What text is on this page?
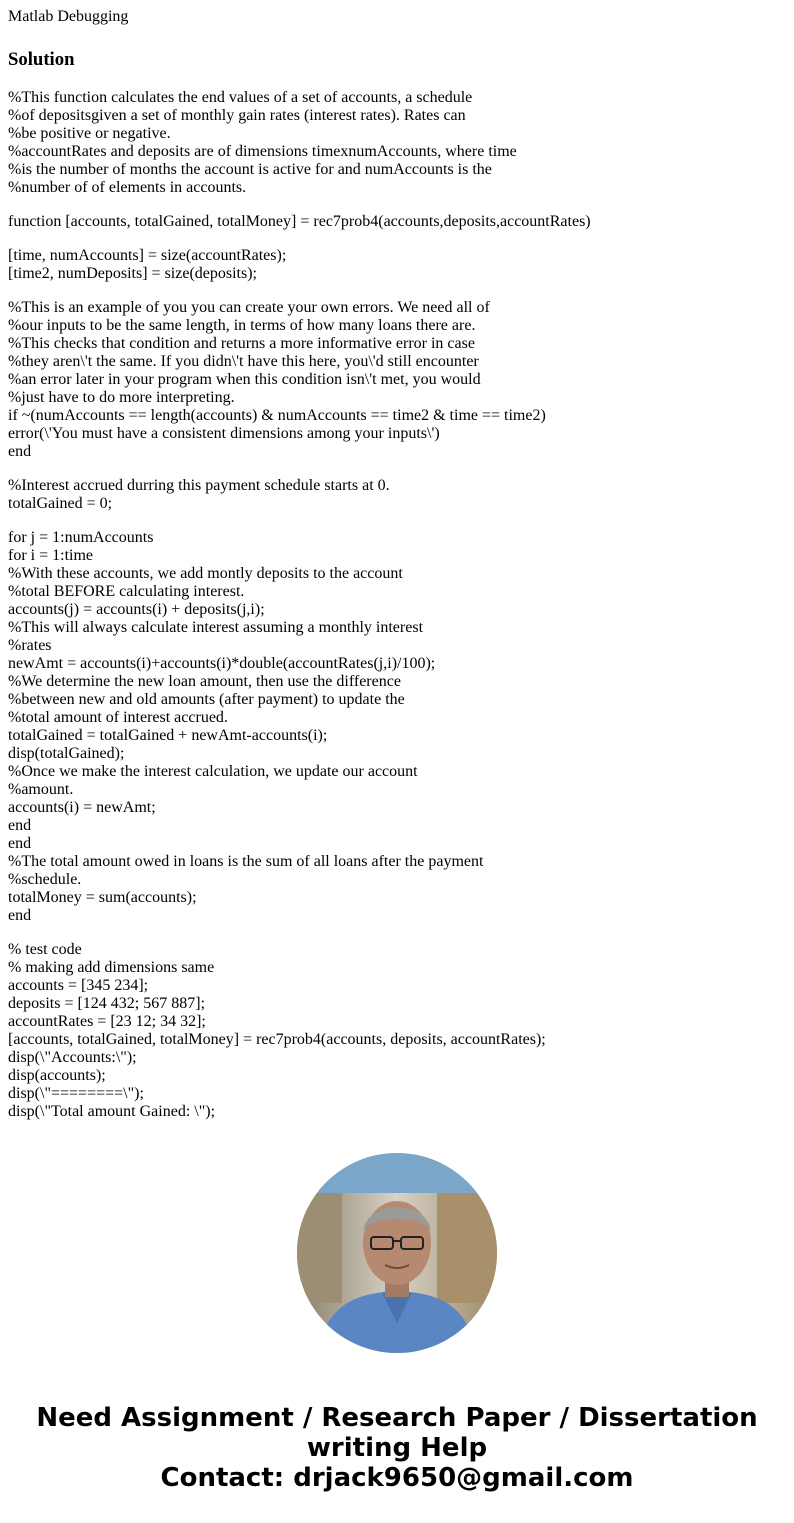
Matlab Debugging
Solution
%This function calculates the end values of a set of accounts, a schedule
%of depositsgiven a set of monthly gain rates (interest rates). Rates can
%be positive or negative.
%accountRates and deposits are of dimensions timexnumAccounts, where time
%is the number of months the account is active for and numAccounts is the
%number of of elements in accounts.
function [accounts, totalGained, totalMoney] = rec7prob4(accounts,deposits,accountRates)
[time, numAccounts] = size(accountRates);
[time2, numDeposits] = size(deposits);
%This is an example of you you can create your own errors. We need all of
%our inputs to be the same length, in terms of how many loans there are.
%This checks that condition and returns a more informative error in case
%they aren\'t the same. If you didn\'t have this here, you\'d still encounter
%an error later in your program when this condition isn\'t met, you would
%just have to do more interpreting.
if ~(numAccounts == length(accounts) & numAccounts == time2 & time == time2)
error(\'You must have a consistent dimensions among your inputs\')
end
%Interest accrued durring this payment schedule starts at 0.
totalGained = 0;
for j = 1:numAccounts
for i = 1:time
%With these accounts, we add montly deposits to the account
%total BEFORE calculating interest.
accounts(j) = accounts(i) + deposits(j,i);
%This will always calculate interest assuming a monthly interest
%rates
newAmt = accounts(i)+accounts(i)*double(accountRates(j,i)/100);
%We determine the new loan amount, then use the difference
%between new and old amounts (after payment) to update the
%total amount of interest accrued.
totalGained = totalGained + newAmt-accounts(i);
disp(totalGained);
%Once we make the interest calculation, we update our account
%amount.
accounts(i) = newAmt;
end
end
%The total amount owed in loans is the sum of all loans after the payment
%schedule.
totalMoney = sum(accounts);
end
% test code
% making add dimensions same
accounts = [345 234];
deposits = [124 432; 567 887];
accountRates = [23 12; 34 32];
[accounts, totalGained, totalMoney] = rec7prob4(accounts, deposits, accountRates);
disp(\"Accounts:\");
disp(accounts);
disp(\"========\");
disp(\"Total amount Gained: \");
Need Assignment / Research Paper / Dissertation
writing Help
Contact: drjack9650@gmail.com
